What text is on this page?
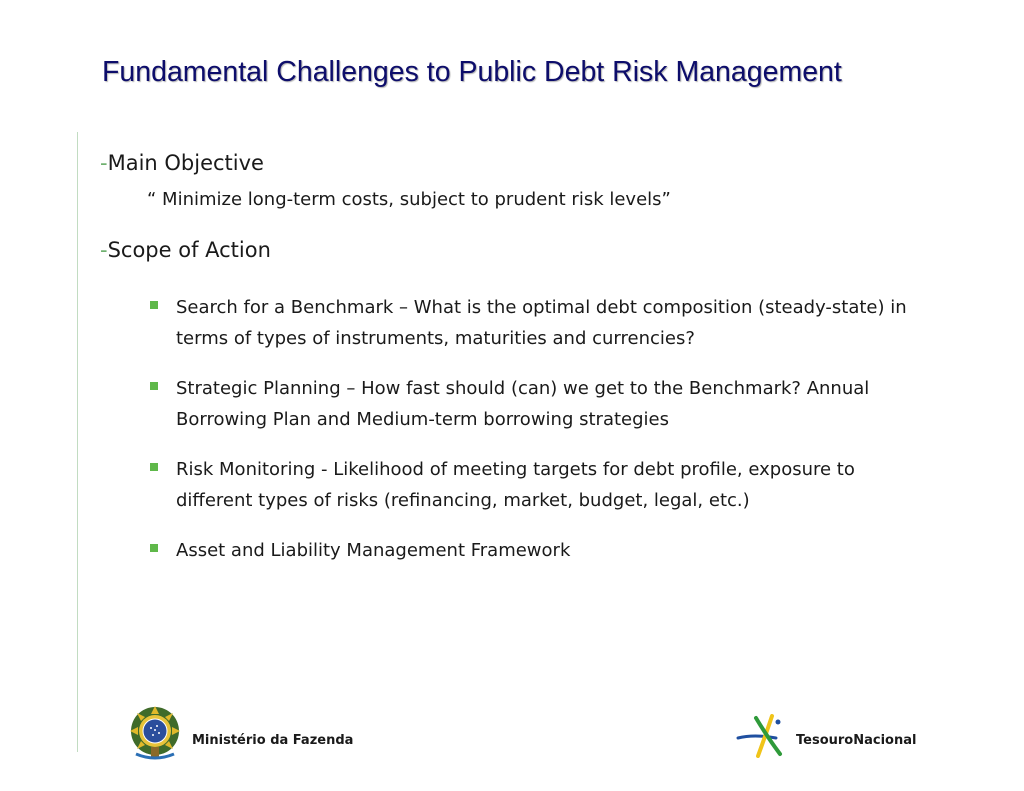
Fundamental Challenges to Public Debt Risk Management
-Main Objective
“ Minimize long-term costs, subject to prudent risk levels”
-Scope of Action
Search for a Benchmark – What is the optimal debt composition (steady-state) in terms of types of instruments, maturities and currencies?
Strategic Planning – How fast should (can) we get to the Benchmark? Annual Borrowing Plan and Medium-term borrowing strategies
Risk Monitoring - Likelihood of meeting targets for debt profile, exposure to different types of risks (refinancing, market, budget, legal, etc.)
Asset and Liability Management Framework
Ministério da Fazenda	TesouroNacional
